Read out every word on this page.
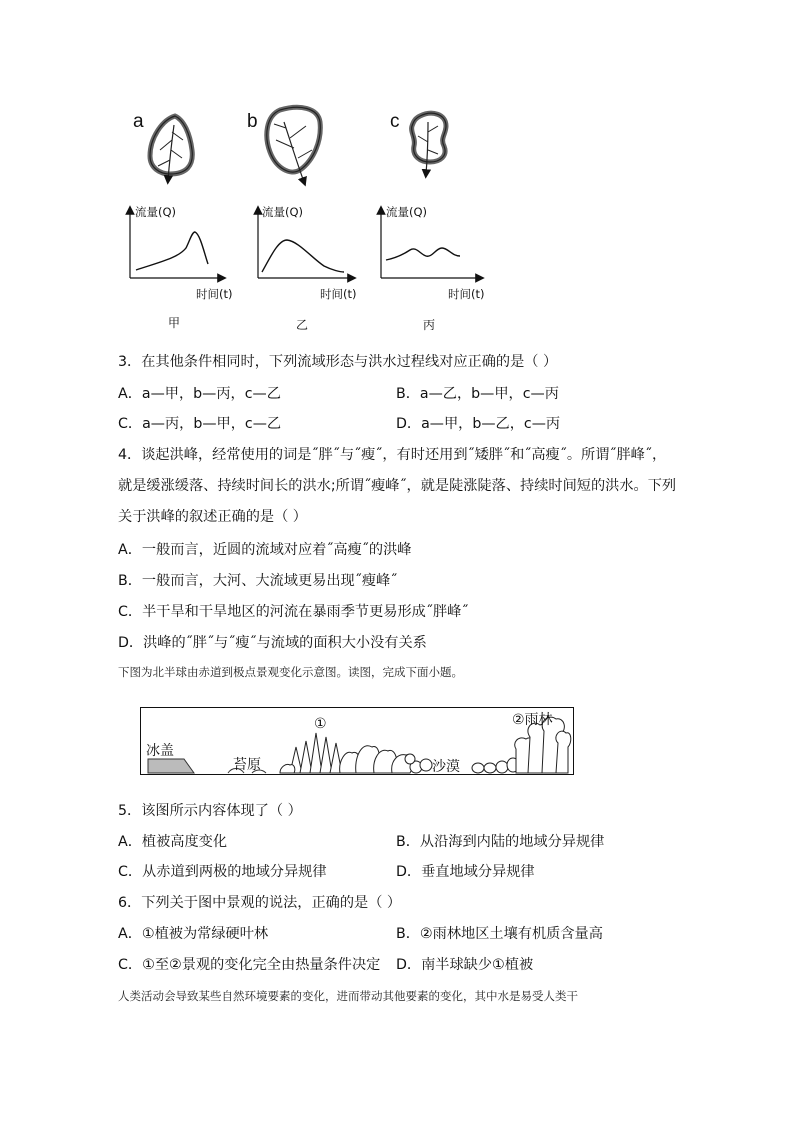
a	b	c
流量(Q)	流量(Q)	流量(Q)
时间(t)	时间(t)	时间(t)
甲	乙	丙
3．在其他条件相同时，下列流域形态与洪水过程线对应正确的是（ ）
A．a—甲，b—丙，c—乙	B．a—乙，b—甲，c—丙
C．a—丙，b—甲，c—乙	D．a—甲，b—乙，c—丙
4．谈起洪峰，经常使用的词是˝胖˝与˝瘦˝，有时还用到˝矮胖˝和˝高瘦˝。所谓˝胖峰˝，就是缓涨缓落、持续时间长的洪水;所谓˝瘦峰˝，就是陡涨陡落、持续时间短的洪水。下列关于洪峰的叙述正确的是（ ）
A．一般而言，近圆的流域对应着˝高瘦˝的洪峰
B．一般而言，大河、大流域更易出现˝瘦峰˝
C．半干旱和干旱地区的河流在暴雨季节更易形成˝胖峰˝
D．洪峰的˝胖˝与˝瘦˝与流域的面积大小没有关系
下图为北半球由赤道到极点景观变化示意图。读图，完成下面小题。
冰盖
苔原
①
沙漠
②雨林
5．该图所示内容体现了（ ）
A．植被高度变化	B．从沿海到内陆的地域分异规律
C．从赤道到两极的地域分异规律	D．垂直地域分异规律
6．下列关于图中景观的说法，正确的是（ ）
A．①植被为常绿硬叶林	B．②雨林地区土壤有机质含量高
C．①至②景观的变化完全由热量条件决定 D．南半球缺少①植被
人类活动会导致某些自然环境要素的变化，进而带动其他要素的变化，其中水是易受人类干
